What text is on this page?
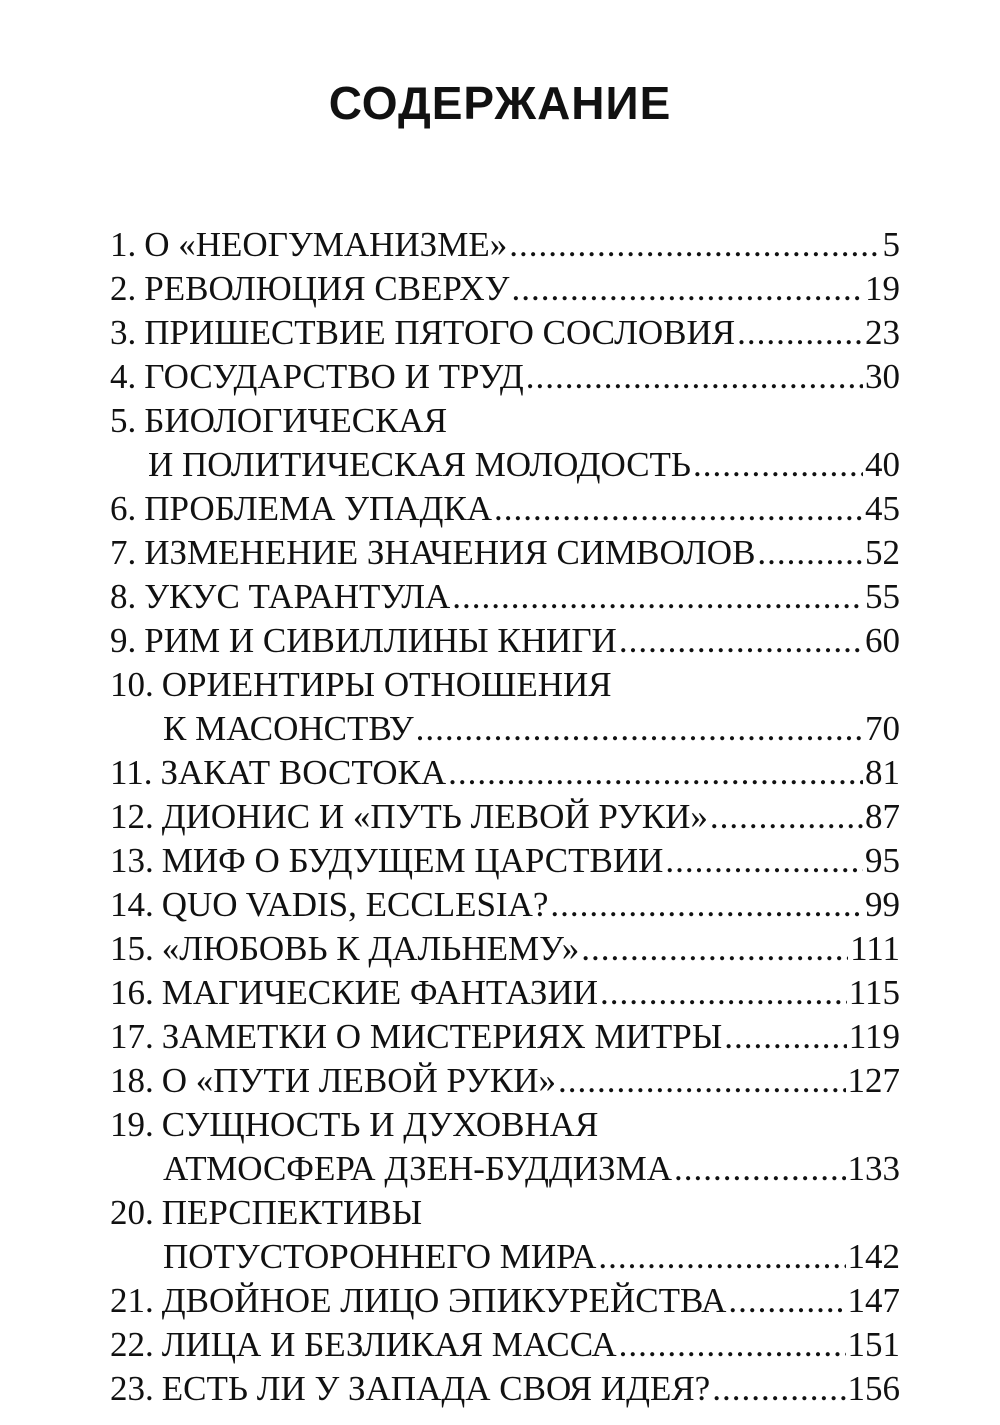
СОДЕРЖАНИЕ
1. О «НЕОГУМАНИЗМЕ» .....	5
2. РЕВОЛЮЦИЯ СВЕРХУ .....	19
3. ПРИШЕСТВИЕ ПЯТОГО СОСЛОВИЯ .....	23
4. ГОСУДАРСТВО И ТРУД .....	30
5. БИОЛОГИЧЕСКАЯ
И ПОЛИТИЧЕСКАЯ МОЛОДОСТЬ .....	40
6. ПРОБЛЕМА УПАДКА .....	45
7. ИЗМЕНЕНИЕ ЗНАЧЕНИЯ СИМВОЛОВ .....	52
8. УКУС ТАРАНТУЛА .....	55
9. РИМ И СИВИЛЛИНЫ КНИГИ .....	60
10. ОРИЕНТИРЫ ОТНОШЕНИЯ
К МАСОНСТВУ .....	70
11. ЗАКАТ ВОСТОКА .....	81
12. ДИОНИС И «ПУТЬ ЛЕВОЙ РУКИ» .....	87
13. МИФ О БУДУЩЕМ ЦАРСТВИИ .....	95
14. QUO VADIS, ECCLESIA? .....	99
15. «ЛЮБОВЬ К ДАЛЬНЕМУ» .....	111
16. МАГИЧЕСКИЕ ФАНТАЗИИ .....	115
17. ЗАМЕТКИ О МИСТЕРИЯХ МИТРЫ .....	119
18. О «ПУТИ ЛЕВОЙ РУКИ» .....	127
19. СУЩНОСТЬ И ДУХОВНАЯ
АТМОСФЕРА ДЗЕН-БУДДИЗМА .....	133
20. ПЕРСПЕКТИВЫ
ПОТУСТОРОННЕГО МИРА .....	142
21. ДВОЙНОЕ ЛИЦО ЭПИКУРЕЙСТВА .....	147
22. ЛИЦА И БЕЗЛИКАЯ МАССА .....	151
23. ЕСТЬ ЛИ У ЗАПАДА СВОЯ ИДЕЯ? .....	156
